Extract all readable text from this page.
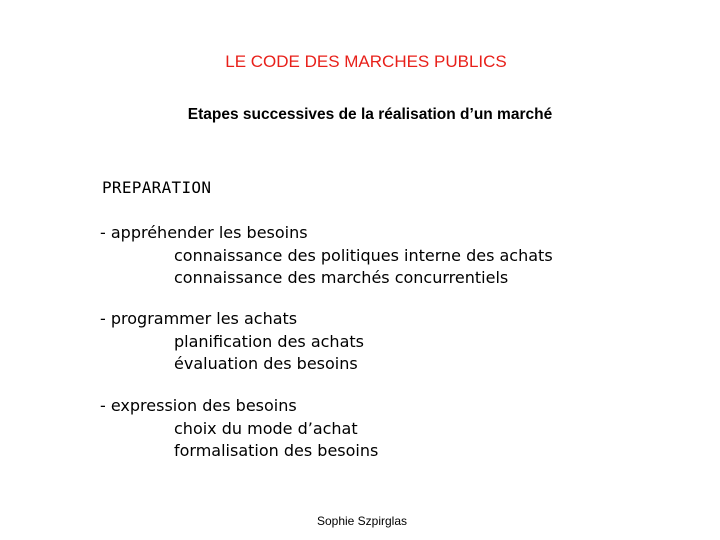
LE CODE DES MARCHES PUBLICS
Etapes successives de la réalisation d’un marché
PREPARATION
- appréhender les besoins
connaissance des politiques interne des achats
connaissance des marchés concurrentiels
- programmer les achats
planification des achats
évaluation des besoins
- expression des besoins
choix du mode d’achat
formalisation des besoins
Sophie Szpirglas
